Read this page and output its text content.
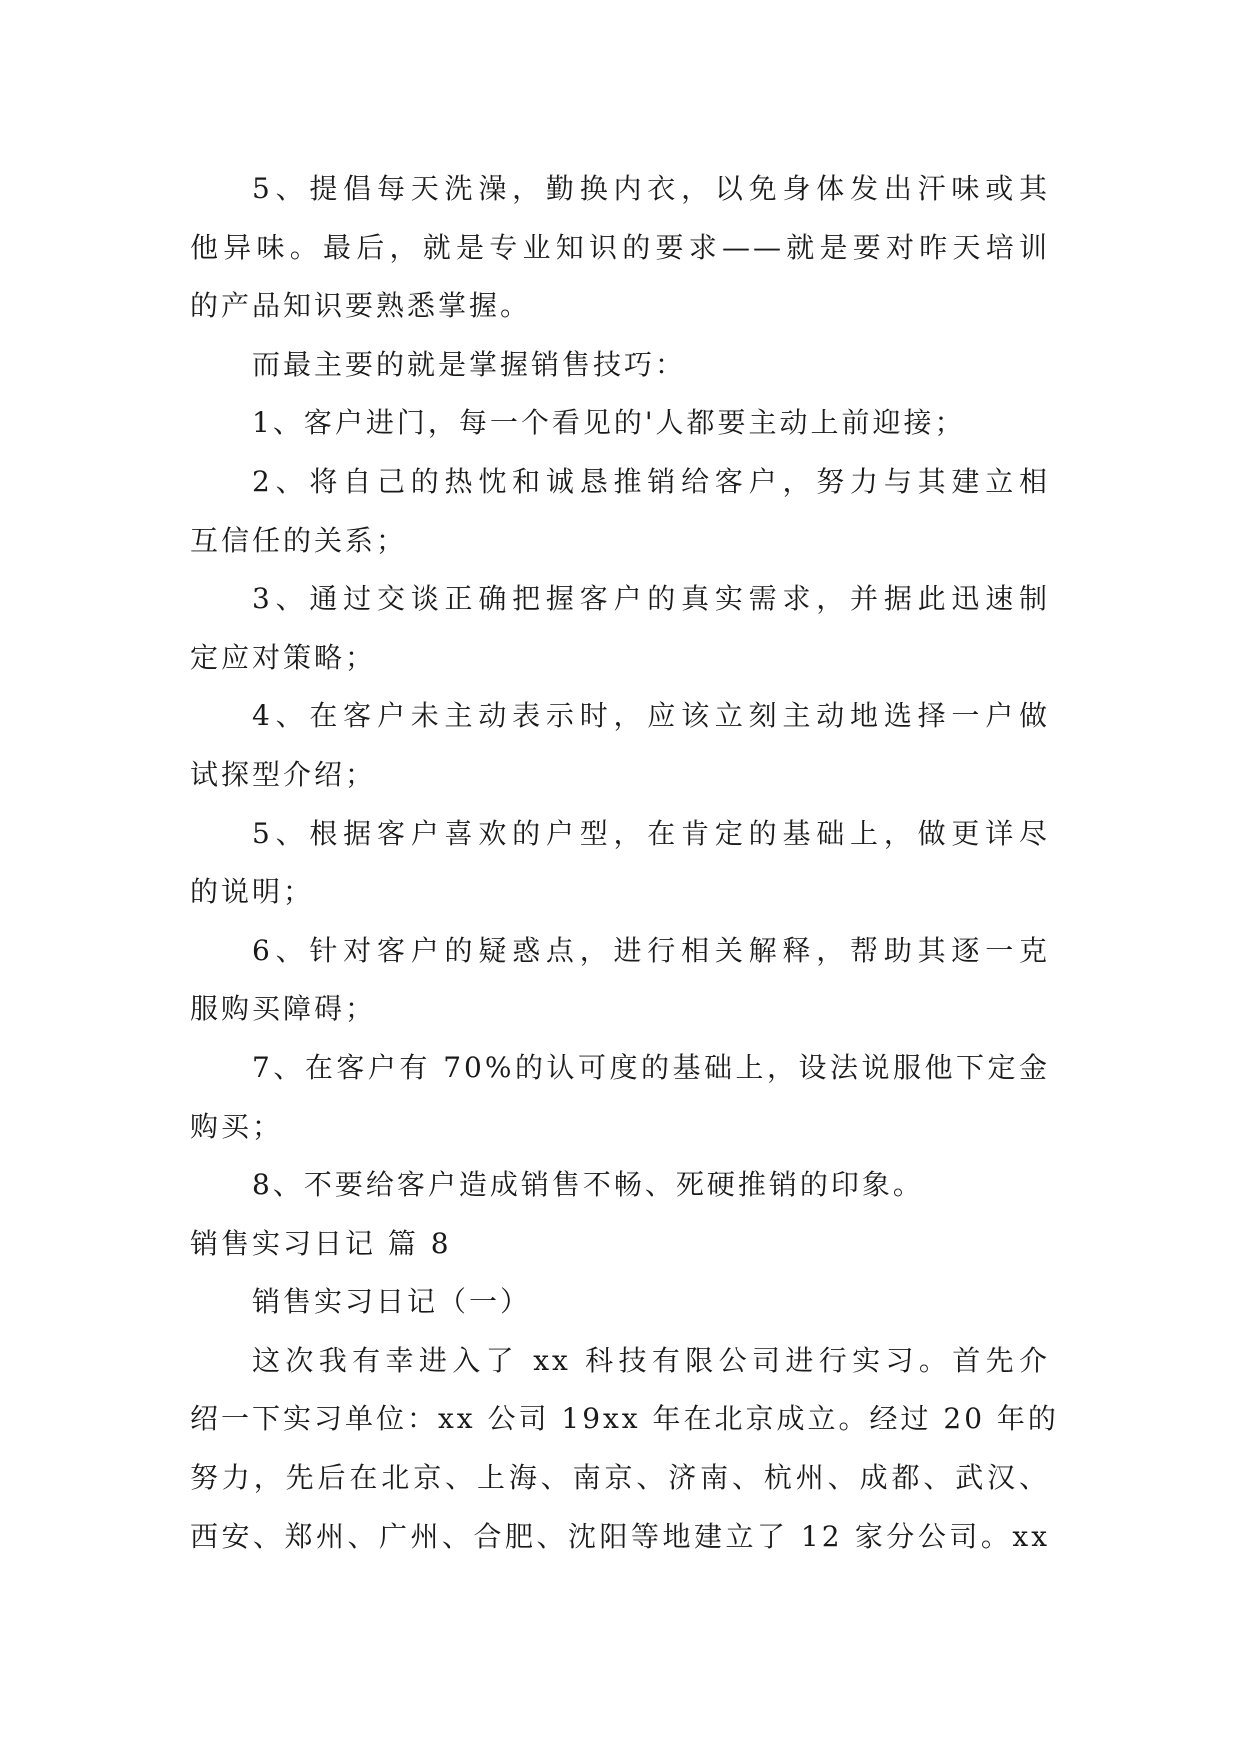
5、提倡每天洗澡，勤换内衣，以免身体发出汗味或其
他异味。最后，就是专业知识的要求——就是要对昨天培训
的产品知识要熟悉掌握。
而最主要的就是掌握销售技巧：
1、客户进门，每一个看见的'人都要主动上前迎接；
2、将自己的热忱和诚恳推销给客户，努力与其建立相
互信任的关系；
3、通过交谈正确把握客户的真实需求，并据此迅速制
定应对策略；
4、在客户未主动表示时，应该立刻主动地选择一户做
试探型介绍；
5、根据客户喜欢的户型，在肯定的基础上，做更详尽
的说明；
6、针对客户的疑惑点，进行相关解释，帮助其逐一克
服购买障碍；
7、在客户有 70%的认可度的基础上，设法说服他下定金
购买；
8、不要给客户造成销售不畅、死硬推销的印象。
销售实习日记 篇 8
销售实习日记（一）
这次我有幸进入了 xx 科技有限公司进行实习。首先介
绍一下实习单位：xx 公司 19xx 年在北京成立。经过 20 年的
努力，先后在北京、上海、南京、济南、杭州、成都、武汉、
西安、郑州、广州、合肥、沈阳等地建立了 12 家分公司。xx
